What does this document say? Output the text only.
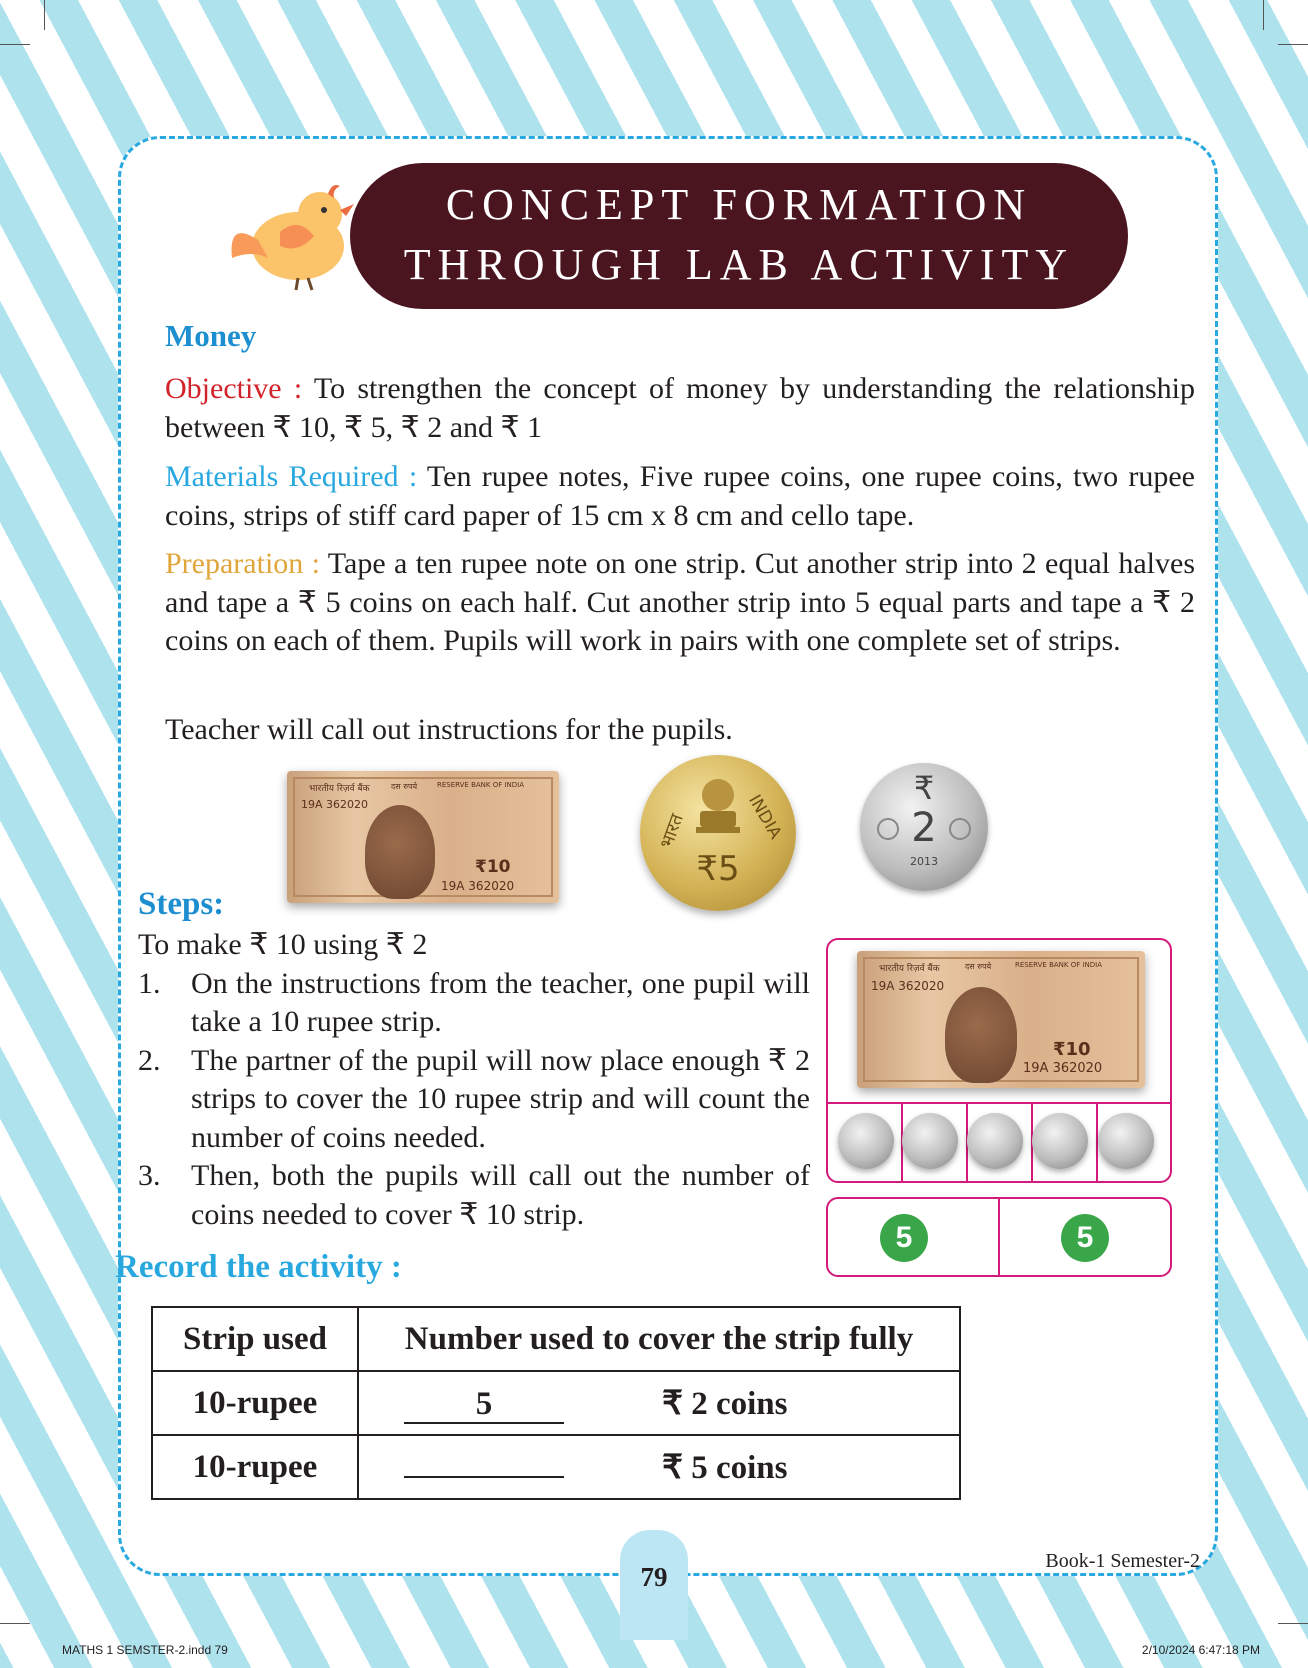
CONCEPT FORMATION
THROUGH LAB ACTIVITY
Money
Objective : To strengthen the concept of money by understanding the relationship between ₹ 10, ₹ 5, ₹ 2 and ₹ 1
Materials Required : Ten rupee notes, Five rupee coins, one rupee coins, two rupee coins, strips of stiff card paper of 15 cm x 8 cm and cello tape.
Preparation : Tape a ten rupee note on one strip. Cut another strip into 2 equal halves and tape a ₹ 5 coins on each half. Cut another strip into 5 equal parts and tape a ₹ 2 coins on each of them. Pupils will work in pairs with one complete set of strips.
Teacher will call out instructions for the pupils.
भारतीय रिज़र्व बैंक	दस रुपये	RESERVE BANK OF INDIA
19A 362020
₹10
19A 362020
भारत	INDIA
₹5
₹
2
2013
Steps:
To make ₹ 10 using ₹ 2
1. On the instructions from the teacher, one pupil will take a 10 rupee strip.
2. The partner of the pupil will now place enough ₹ 2 strips to cover the 10 rupee strip and will count the number of coins needed.
3. Then, both the pupils will call out the number of coins needed to cover ₹ 10 strip.
भारतीय रिज़र्व बैंक	दस रुपये	RESERVE BANK OF INDIA
19A 362020
₹10
19A 362020
5	5
Record the activity :
Strip used	Number used to cover the strip fully
10-rupee	5 ₹ 2 coins
10-rupee	₹ 5 coins
79
Book-1 Semester-2
MATHS 1 SEMSTER-2.indd 79	2/10/2024 6:47:18 PM
